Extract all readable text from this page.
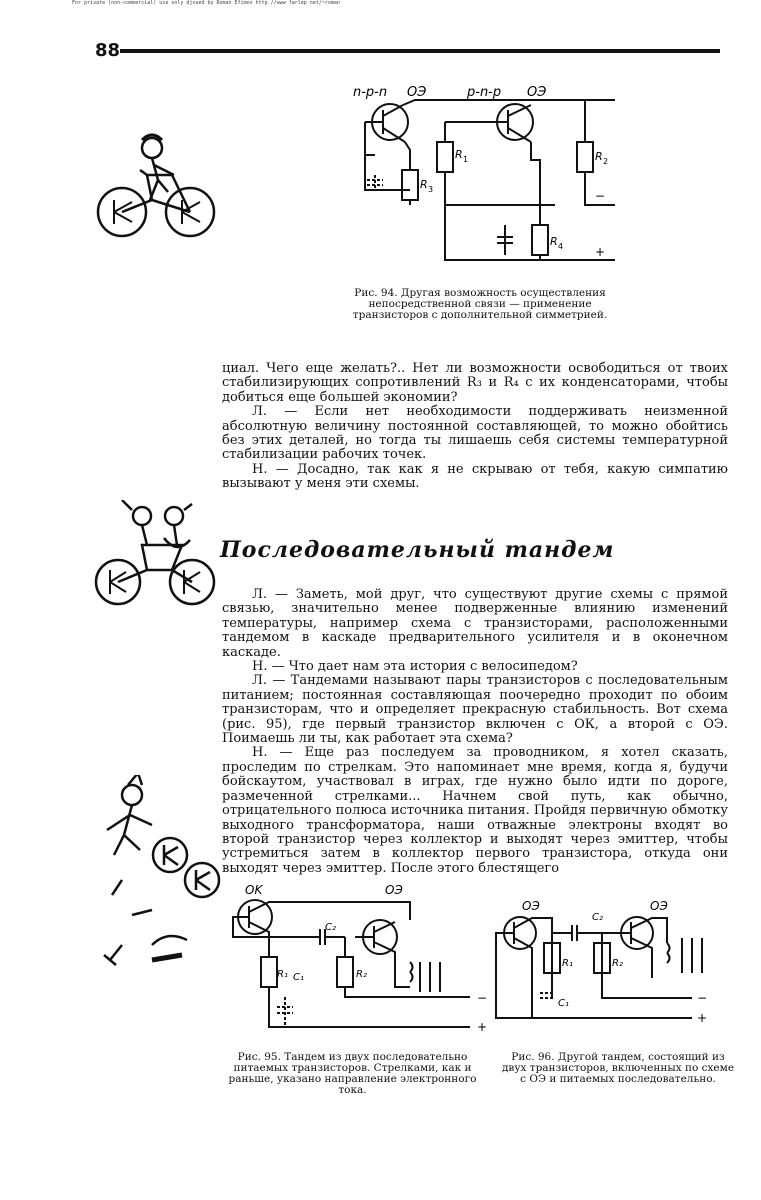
For private (non-commercial) use only djvued by Roman Efimov http //www farlep net/~roman
88
n-p-n OЭ	p-n-p OЭ
R 1	R 2
R 3
R 4
−
+
Рис. 94. Другая возможность осуществления непосредственной связи — применение транзисторов с дополнительной симметрией.

циал. Чего еще желать?.. Нет ли возможности освободиться от твоих стабилизирующих сопротивлений R₃ и R₄ с их конденсаторами, чтобы добиться еще большей экономии?

Л. — Если нет необходимости поддерживать неизменной абсолютную величину постоянной составляющей, то можно обойтись без этих деталей, но тогда ты лишаешь себя системы температурной стабилизации рабочих точек.

Н. — Досадно, так как я не скрываю от тебя, какую симпатию вызывают у меня эти схемы.

Последовательный тандем

Л. — Заметь, мой друг, что существуют другие схемы с прямой связью, значительно менее подверженные влиянию изменений температуры, например схема с транзисторами, расположенными тандемом в каскаде предварительного усилителя и в оконечном каскаде.

Н. — Что дает нам эта история с велосипедом?

Л. — Тандемами называют пары транзисторов с последовательным питанием; постоянная составляющая поочередно проходит по обоим транзисторам, что и определяет прекрасную стабильность. Вот схема (рис. 95), где первый транзистор включен с ОК, а второй с ОЭ. Поимаешь ли ты, как работает эта схема?

Н. — Еще раз последуем за проводником, я хотел сказать, проследим по стрелкам. Это напоминает мне время, когда я, будучи бойскаутом, участвовал в играх, где нужно было идти по дороге, размеченной стрелками... Начнем свой путь, как обычно, отрицательного полюса источника питания. Пройдя первичную обмотку выходного трансформатора, наши отважные электроны входят во второй транзистор через коллектор и выходят через эмиттер, чтобы устремиться затем в коллектор первого транзистора, откуда они выходят через эмиттер. После этого блестящего

OK	OЭ
C₂
C₁
R₁	R₂
−
+
Рис. 95. Тандем из двух последовательно питаемых транзисторов. Стрелками, как и раньше, указано направление электронного тока.
OЭ	OЭ
C₂
C₁
R₁	R₂
−
+
Рис. 96. Другой тандем, состоящий из двух транзисторов, включенных по схеме с ОЭ и питаемых последовательно.
